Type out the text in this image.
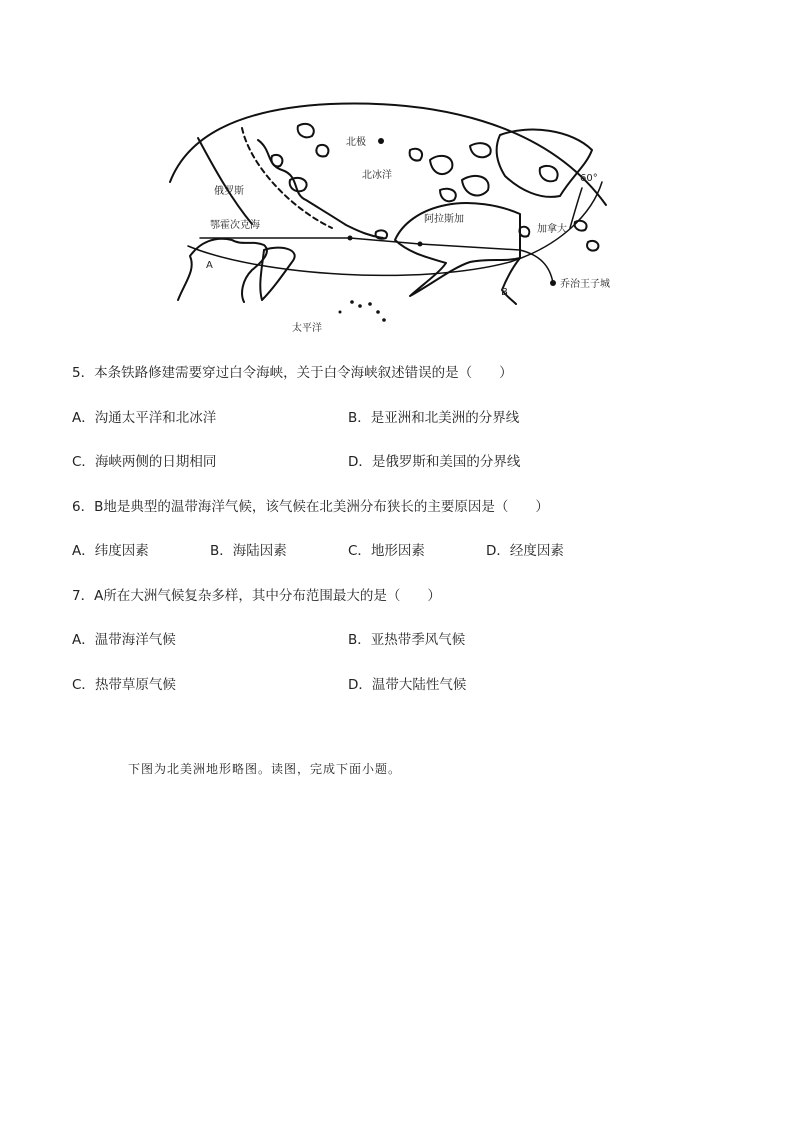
北极
北冰洋
俄罗斯
鄂霍次克海
阿拉斯加
加拿大
60°
A
B
乔治王子城
太平洋
5．本条铁路修建需要穿过白令海峡，关于白令海峡叙述错误的是（　　）
A．沟通太平洋和北冰洋	B．是亚洲和北美洲的分界线
C．海峡两侧的日期相同	D．是俄罗斯和美国的分界线
6．B地是典型的温带海洋气候，该气候在北美洲分布狭长的主要原因是（　　）
A．纬度因素	B．海陆因素	C．地形因素	D．经度因素
7．A所在大洲气候复杂多样，其中分布范围最大的是（　　）
A．温带海洋气候	B．亚热带季风气候
C．热带草原气候	D．温带大陆性气候
下图为北美洲地形略图。读图，完成下面小题。
